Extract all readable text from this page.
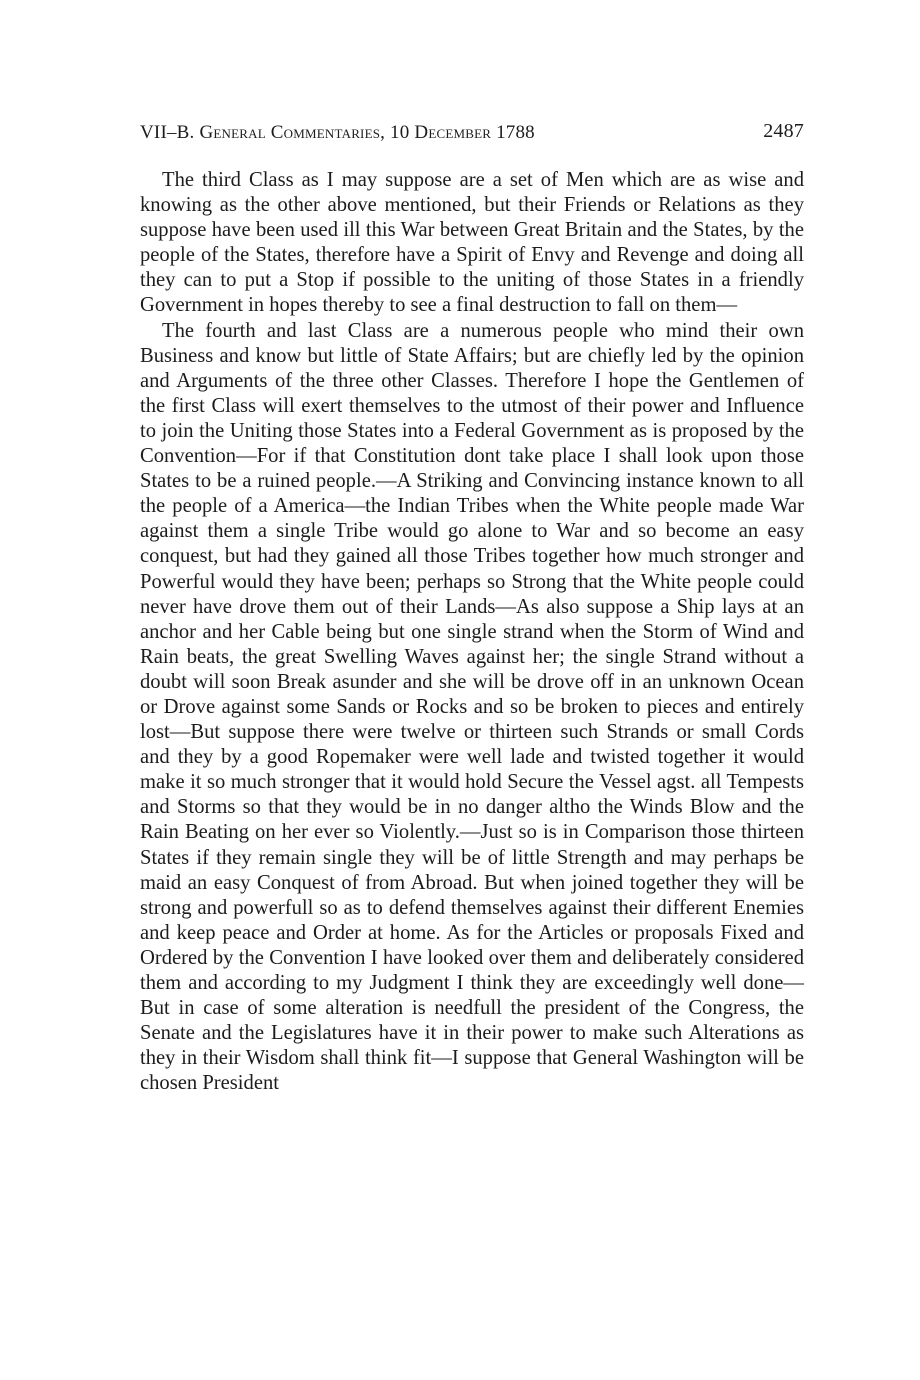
VII–B. General Commentaries, 10 December 1788	2487

The third Class as I may suppose are a set of Men which are as wise and knowing as the other above mentioned, but their Friends or Relations as they suppose have been used ill this War between Great Britain and the States, by the people of the States, therefore have a Spirit of Envy and Revenge and doing all they can to put a Stop if possible to the uniting of those States in a friendly Government in hopes thereby to see a final destruction to fall on them—

The fourth and last Class are a numerous people who mind their own Business and know but little of State Affairs; but are chiefly led by the opinion and Arguments of the three other Classes. Therefore I hope the Gentlemen of the first Class will exert themselves to the utmost of their power and Influence to join the Uniting those States into a Federal Government as is proposed by the Convention—For if that Constitution dont take place I shall look upon those States to be a ruined people.—A Striking and Convincing instance known to all the people of a America—the Indian Tribes when the White people made War against them a single Tribe would go alone to War and so become an easy conquest, but had they gained all those Tribes together how much stronger and Powerful would they have been; perhaps so Strong that the White people could never have drove them out of their Lands—As also suppose a Ship lays at an anchor and her Cable being but one single strand when the Storm of Wind and Rain beats, the great Swelling Waves against her; the single Strand without a doubt will soon Break asunder and she will be drove off in an unknown Ocean or Drove against some Sands or Rocks and so be broken to pieces and entirely lost—But suppose there were twelve or thirteen such Strands or small Cords and they by a good Ropemaker were well lade and twisted together it would make it so much stronger that it would hold Secure the Vessel agst. all Tempests and Storms so that they would be in no danger altho the Winds Blow and the Rain Beating on her ever so Violently.—Just so is in Comparison those thirteen States if they remain single they will be of little Strength and may perhaps be maid an easy Conquest of from Abroad. But when joined together they will be strong and powerfull so as to defend themselves against their different Enemies and keep peace and Order at home. As for the Articles or proposals Fixed and Ordered by the Convention I have looked over them and deliberately considered them and according to my Judgment I think they are exceedingly well done—But in case of some alteration is needfull the president of the Congress, the Senate and the Legislatures have it in their power to make such Alterations as they in their Wisdom shall think fit—I suppose that General Washington will be chosen President
